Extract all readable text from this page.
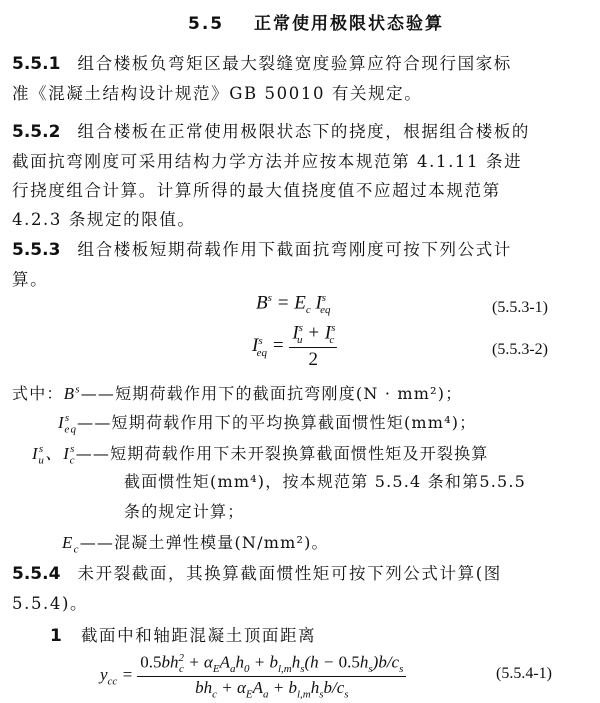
5.5 正常使用极限状态验算
5.5.1 组合楼板负弯矩区最大裂缝宽度验算应符合现行国家标
准《混凝土结构设计规范》GB 50010 有关规定。
5.5.2 组合楼板在正常使用极限状态下的挠度，根据组合楼板的
截面抗弯刚度可采用结构力学方法并应按本规范第 4.1.11 条进
行挠度组合计算。计算所得的最大值挠度值不应超过本规范第
4.2.3 条规定的限值。
5.5.3 组合楼板短期荷载作用下截面抗弯刚度可按下列公式计
算。
$B^s = E_c$ $I^s_{eq}$	(5.5.3-1)
$I^s_{eq} = \frac{I^s_u + I^s_c}{2}$	(5.5.3-2)
式中：$B^s——$短期荷载作用下的截面抗弯刚度(N · mm²)；
$I^s_{eq}——$短期荷载作用下的平均换算截面惯性矩(mm⁴)；
$I^s_u$、$I^s_c——$短期荷载作用下未开裂换算截面惯性矩及开裂换算
截面惯性矩(mm⁴)，按本规范第 5.5.4 条和第5.5.5
条的规定计算；
$E_c——$混凝土弹性模量(N/mm²)。
5.5.4 未开裂截面，其换算截面惯性矩可按下列公式计算(图
5.5.4)。
1 截面中和轴距混凝土顶面距离
$y_{cc} = \frac{0.5bh^2_c + \alpha_EA_ah_0 + b_{l,m}h_s(h - 0.5h_s)b/c_s}{bh_c + \alpha_EA_a + b_{l,m}h_sb/c_s}$	(5.5.4-1)
